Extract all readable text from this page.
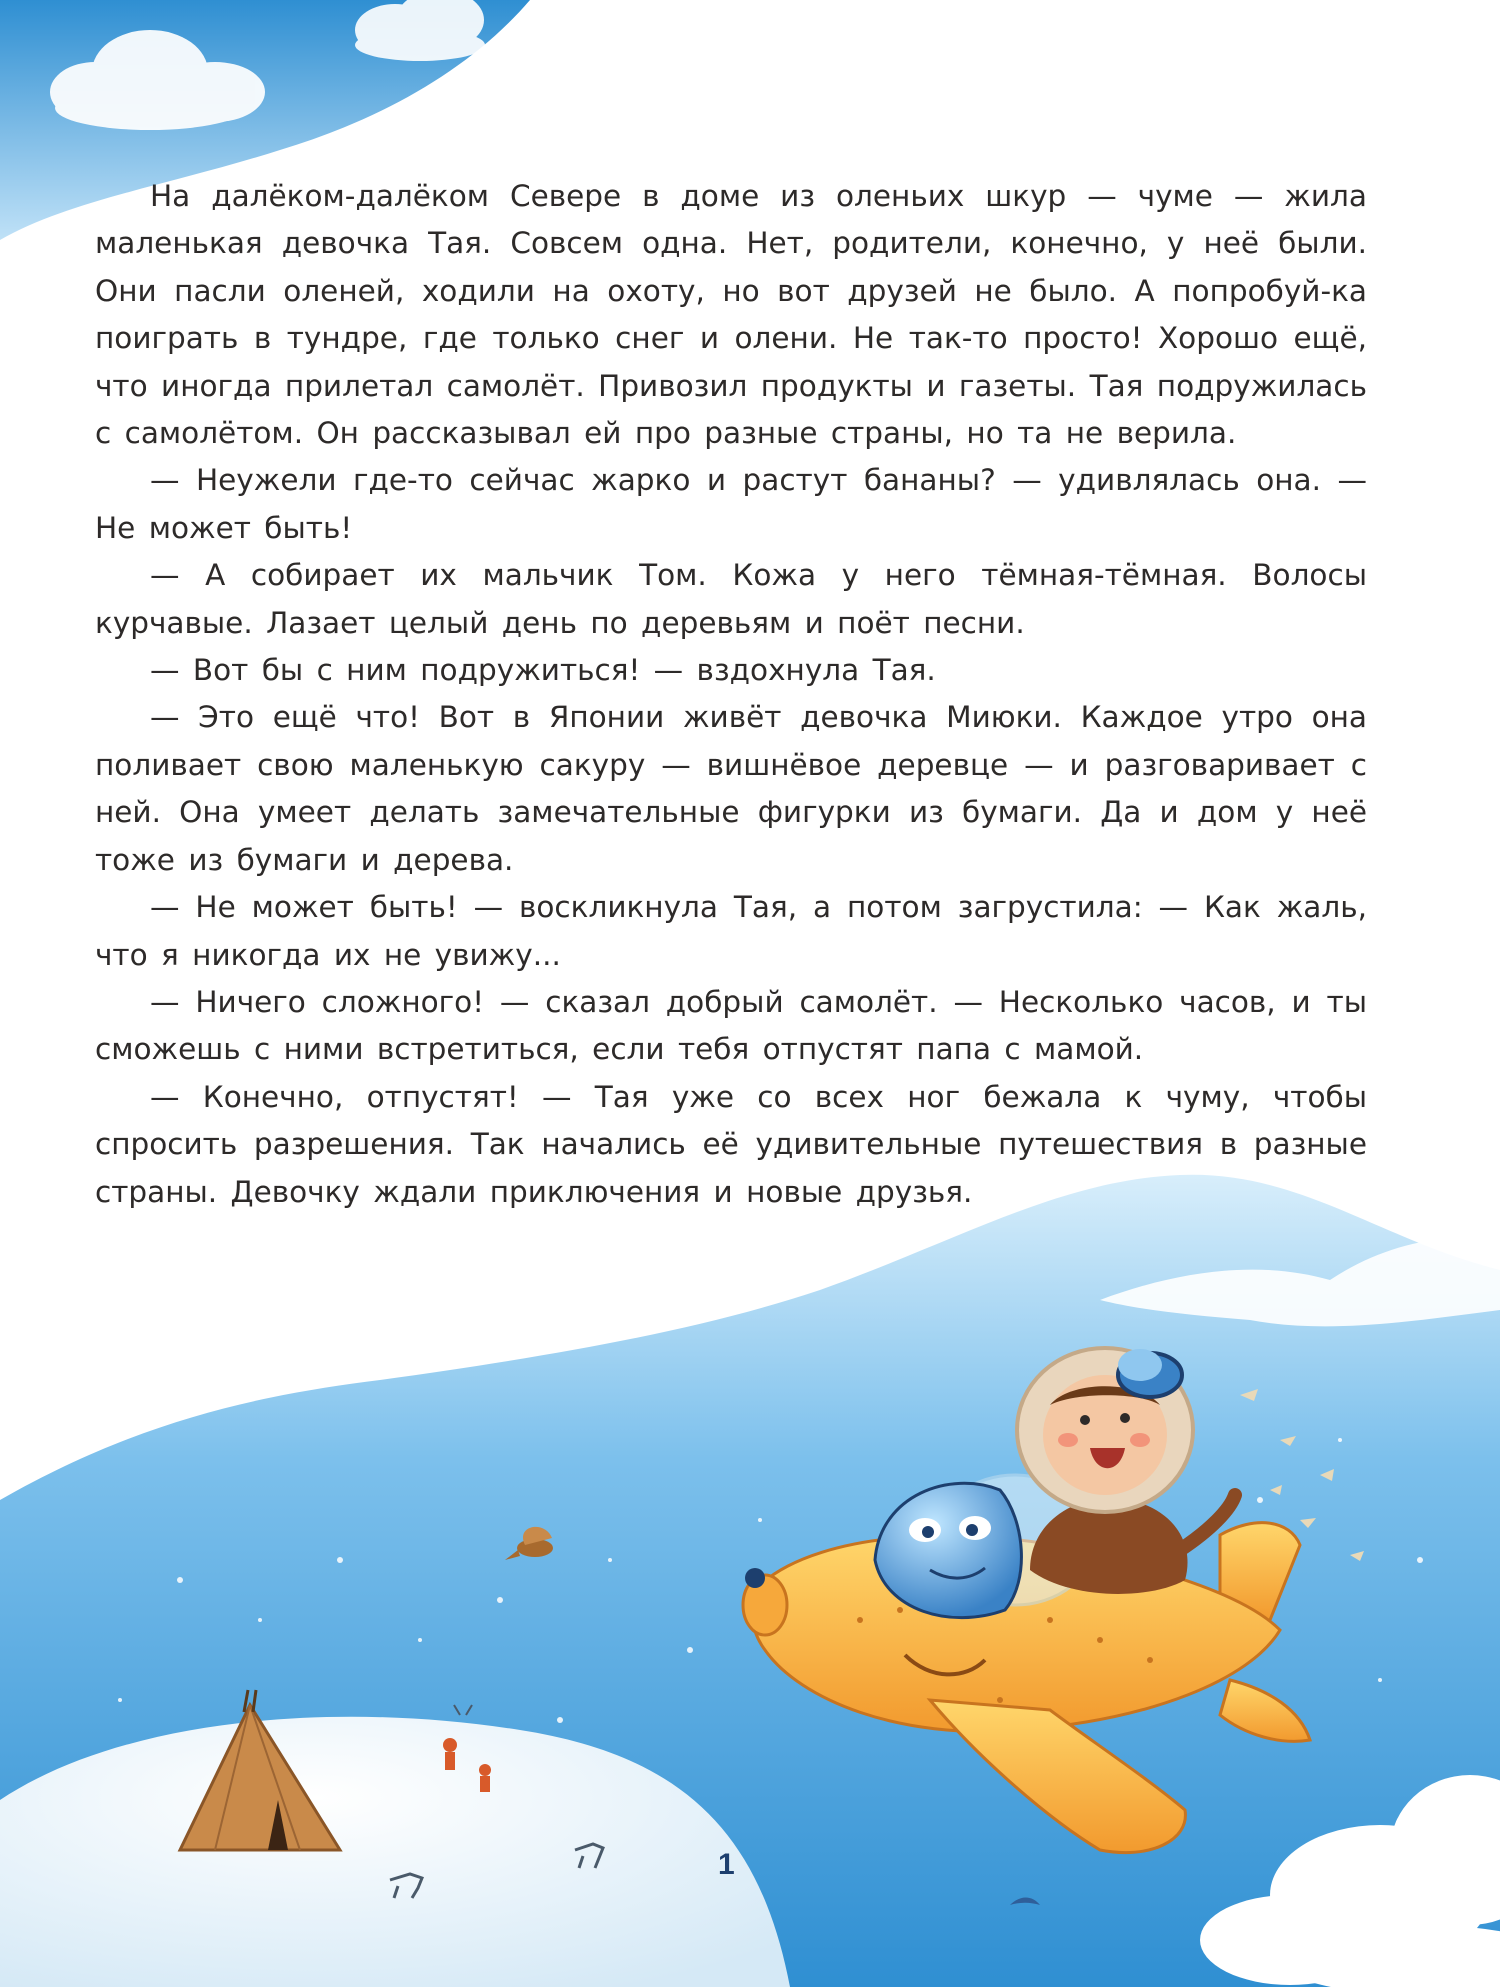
На далёком-далёком Севере в доме из оленьих шкур — чуме — жила маленькая девочка Тая. Совсем одна. Нет, родители, конечно, у неё были. Они пасли оленей, ходили на охоту, но вот друзей не было. А попробуй-ка поиграть в тундре, где только снег и олени. Не так-то просто! Хорошо ещё, что иногда прилетал самолёт. Привозил продукты и газеты. Тая подружилась с самолётом. Он рассказывал ей про разные страны, но та не верила.

— Неужели где-то сейчас жарко и растут бананы? — удивлялась она. — Не может быть!

— А собирает их мальчик Том. Кожа у него тёмная-тёмная. Волосы курчавые. Лазает целый день по деревьям и поёт песни.

— Вот бы с ним подружиться! — вздохнула Тая.

— Это ещё что! Вот в Японии живёт девочка Миюки. Каждое утро она поливает свою маленькую сакуру — вишнёвое деревце — и разговаривает с ней. Она умеет делать замечательные фигурки из бумаги. Да и дом у неё тоже из бумаги и дерева.

— Не может быть! — воскликнула Тая, а потом загрустила: — Как жаль, что я никогда их не увижу...

— Ничего сложного! — сказал добрый самолёт. — Несколько часов, и ты сможешь с ними встретиться, если тебя отпустят папа с мамой.

— Конечно, отпустят! — Тая уже со всех ног бежала к чуму, чтобы спросить разрешения. Так начались её удивительные путешествия в разные страны. Девочку ждали приключения и новые друзья.

1
